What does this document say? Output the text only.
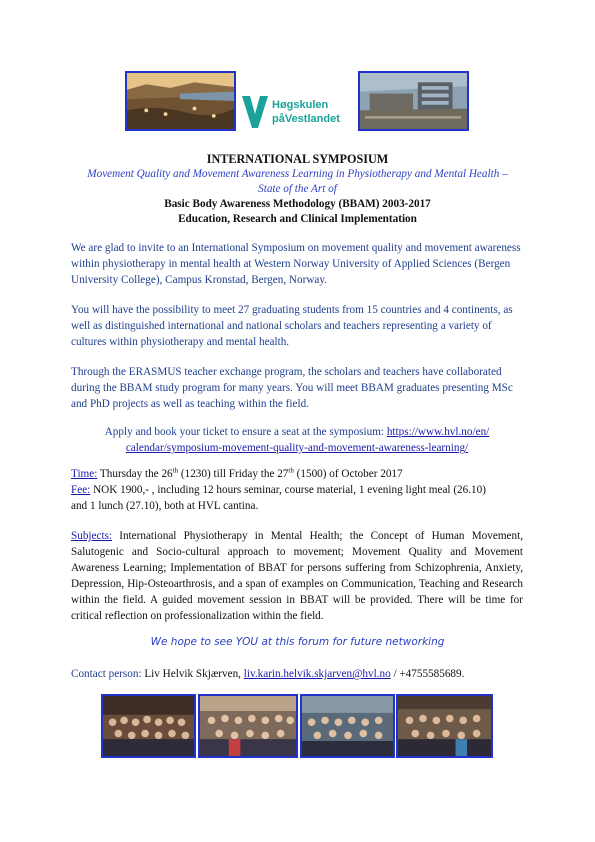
Høgskulen
påVestlandet
INTERNATIONAL SYMPOSIUM
Movement Quality and Movement Awareness Learning in Physiotherapy and Mental Health –
State of the Art of
Basic Body Awareness Methodology (BBAM) 2003-2017
Education, Research and Clinical Implementation
We are glad to invite to an International Symposium on movement quality and movement awareness within physiotherapy in mental health at Western Norway University of Applied Sciences (Bergen University College), Campus Kronstad, Bergen, Norway.
You will have the possibility to meet 27 graduating students from 15 countries and 4 continents, as well as distinguished international and national scholars and teachers representing a variety of cultures within physiotherapy and mental health.
Through the ERASMUS teacher exchange program, the scholars and teachers have collaborated during the BBAM study program for many years. You will meet BBAM graduates presenting MSc and PhD projects as well as teaching within the field.
Apply and book your ticket to ensure a seat at the symposium: https://www.hvl.no/en/
calendar/symposium-movement-quality-and-movement-awareness-learning/
Time: Thursday the 26th (1230) till Friday the 27th (1500) of October 2017
Fee: NOK 1900,- , including 12 hours seminar, course material, 1 evening light meal (26.10)
and 1 lunch (27.10), both at HVL cantina.
Subjects: International Physiotherapy in Mental Health; the Concept of Human Movement, Salutogenic and Socio-cultural approach to movement; Movement Quality and Movement Awareness Learning; Implementation of BBAT for persons suffering from Schizophrenia, Anxiety, Depression, Hip-Osteoarthrosis, and a span of examples on Communication, Teaching and Research within the field. A guided movement session in BBAT will be provided. There will be time for critical reflection on professionalization within the field.
We hope to see YOU at this forum for future networking
Contact person: Liv Helvik Skjærven, liv.karin.helvik.skjarven@hvl.no / +4755585689.
